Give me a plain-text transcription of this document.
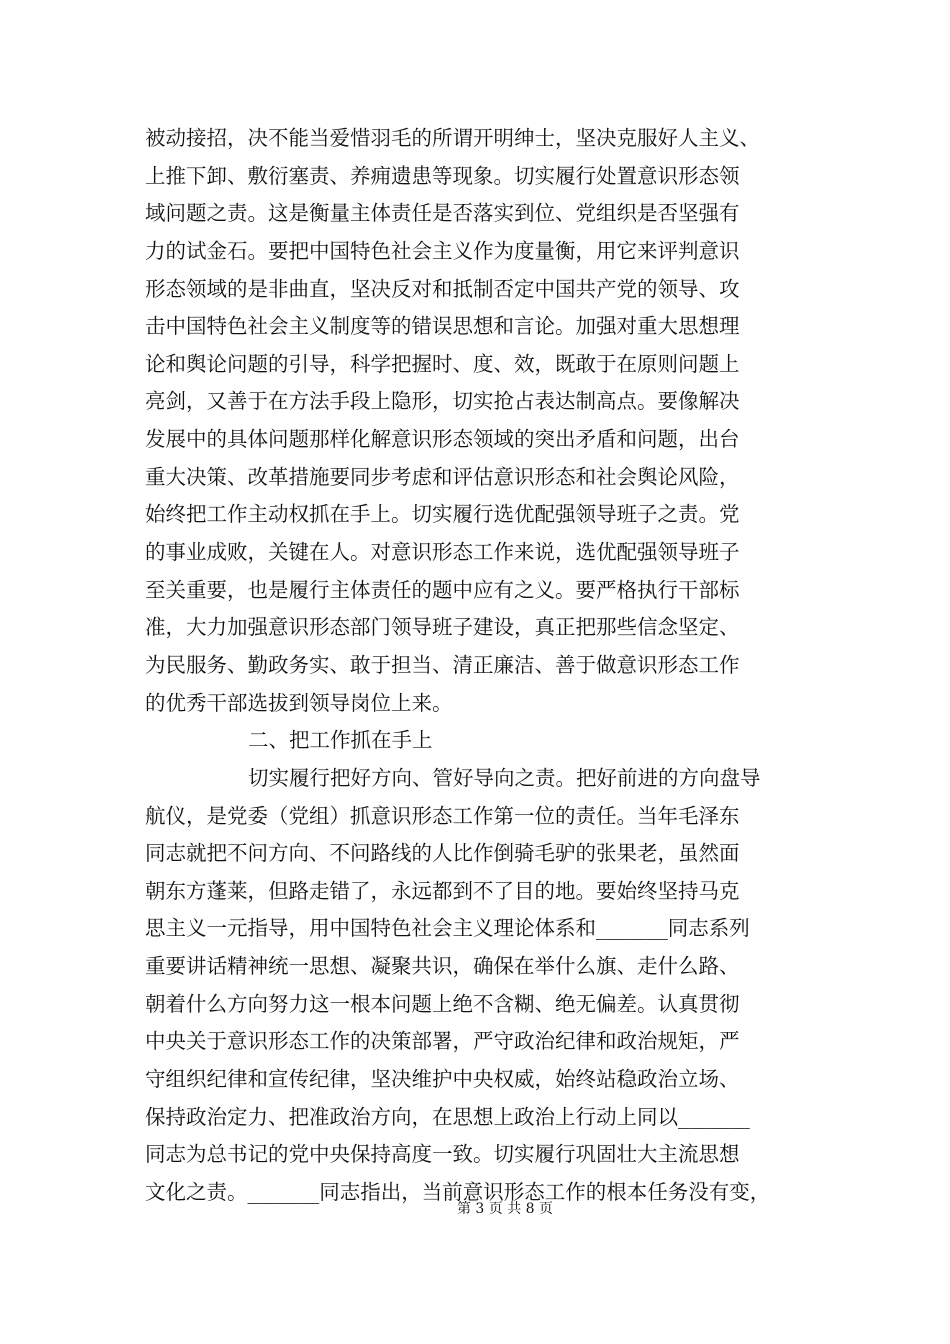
被动接招，决不能当爱惜羽毛的所谓开明绅士，坚决克服好人主义、
上推下卸、敷衍塞责、养痈遗患等现象。切实履行处置意识形态领
域问题之责。这是衡量主体责任是否落实到位、党组织是否坚强有
力的试金石。要把中国特色社会主义作为度量衡，用它来评判意识
形态领域的是非曲直，坚决反对和抵制否定中国共产党的领导、攻
击中国特色社会主义制度等的错误思想和言论。加强对重大思想理
论和舆论问题的引导，科学把握时、度、效，既敢于在原则问题上
亮剑，又善于在方法手段上隐形，切实抢占表达制高点。要像解决
发展中的具体问题那样化解意识形态领域的突出矛盾和问题，出台
重大决策、改革措施要同步考虑和评估意识形态和社会舆论风险，
始终把工作主动权抓在手上。切实履行选优配强领导班子之责。党
的事业成败，关键在人。对意识形态工作来说，选优配强领导班子
至关重要，也是履行主体责任的题中应有之义。要严格执行干部标
准，大力加强意识形态部门领导班子建设，真正把那些信念坚定、
为民服务、勤政务实、敢于担当、清正廉洁、善于做意识形态工作
的优秀干部选拔到领导岗位上来。
二、把工作抓在手上
切实履行把好方向、管好导向之责。把好前进的方向盘导
航仪，是党委（党组）抓意识形态工作第一位的责任。当年毛泽东
同志就把不问方向、不问路线的人比作倒骑毛驴的张果老，虽然面
朝东方蓬莱，但路走错了，永远都到不了目的地。要始终坚持马克
思主义一元指导，用中国特色社会主义理论体系和_______同志系列
重要讲话精神统一思想、凝聚共识，确保在举什么旗、走什么路、
朝着什么方向努力这一根本问题上绝不含糊、绝无偏差。认真贯彻
中央关于意识形态工作的决策部署，严守政治纪律和政治规矩，严
守组织纪律和宣传纪律，坚决维护中央权威，始终站稳政治立场、
保持政治定力、把准政治方向，在思想上政治上行动上同以_______
同志为总书记的党中央保持高度一致。切实履行巩固壮大主流思想
文化之责。_______同志指出，当前意识形态工作的根本任务没有变，
第 3 页 共 8 页
